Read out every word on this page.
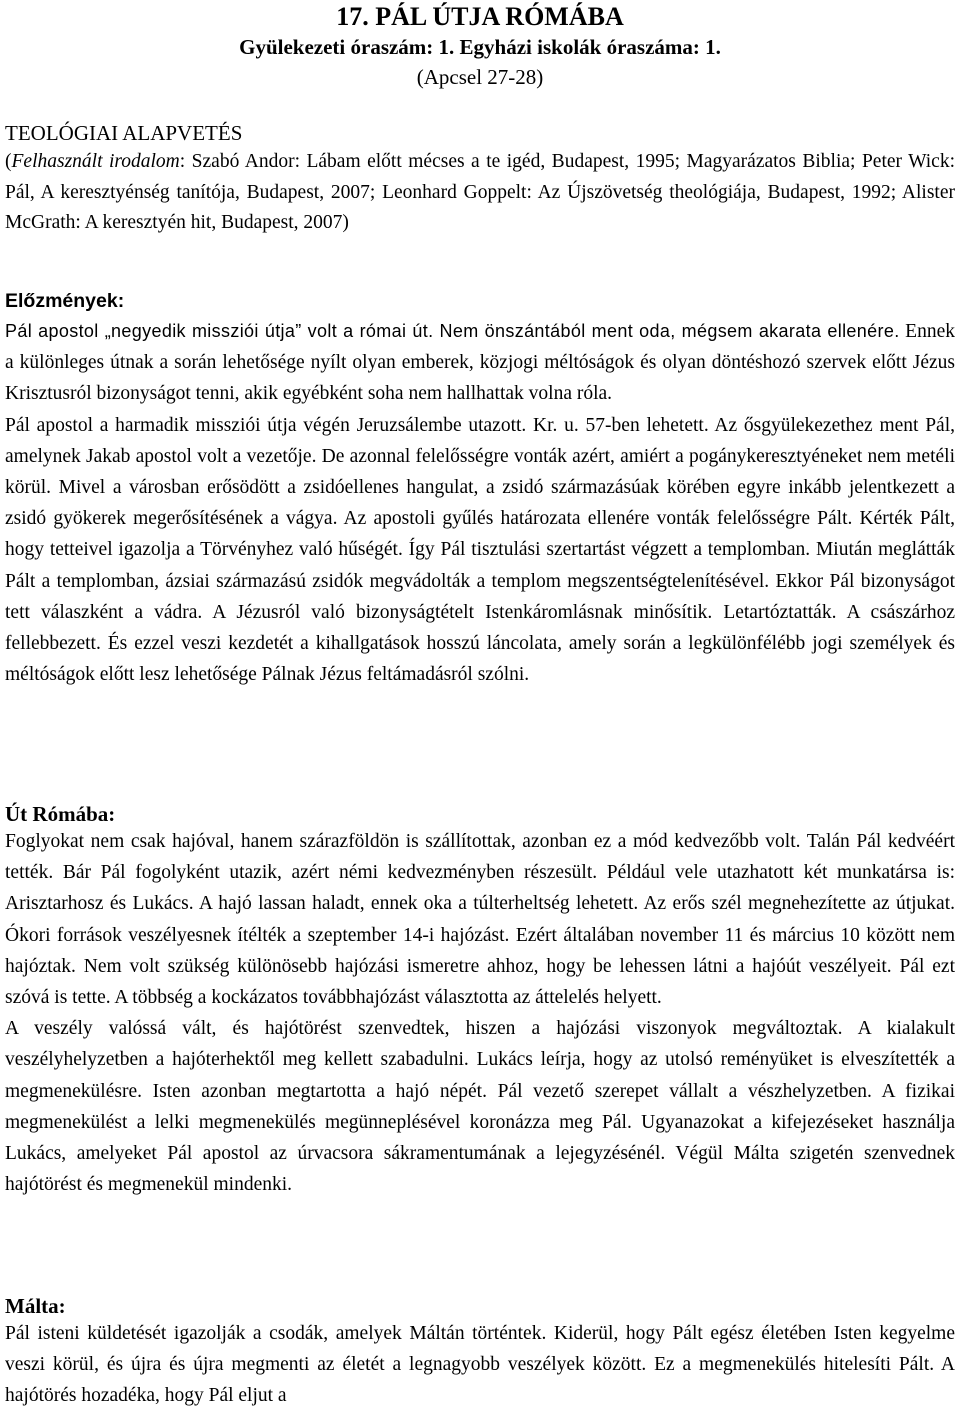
17. PÁL ÚTJA RÓMÁBA
Gyülekezeti óraszám: 1. Egyházi iskolák óraszáma: 1.
(Apcsel 27-28)
TEOLÓGIAI ALAPVETÉS
(Felhasznált irodalom: Szabó Andor: Lábam előtt mécses a te igéd, Budapest, 1995; Magyarázatos Biblia; Peter Wick: Pál, A keresztyénség tanítója, Budapest, 2007; Leonhard Goppelt: Az Újszövetség theológiája, Budapest, 1992; Alister McGrath: A keresztyén hit, Budapest, 2007)
Előzmények:

Pál apostol „negyedik missziói útja” volt a római út. Nem önszántából ment oda, mégsem akarata ellenére. Ennek a különleges útnak a során lehetősége nyílt olyan emberek, közjogi méltóságok és olyan döntéshozó szervek előtt Jézus Krisztusról bizonyságot tenni, akik egyébként soha nem hallhattak volna róla.

Pál apostol a harmadik missziói útja végén Jeruzsálembe utazott. Kr. u. 57-ben lehetett. Az ősgyülekezethez ment Pál, amelynek Jakab apostol volt a vezetője. De azonnal felelősségre vonták azért, amiért a pogánykeresztyéneket nem metéli körül. Mivel a városban erősödött a zsidóellenes hangulat, a zsidó származásúak körében egyre inkább jelentkezett a zsidó gyökerek megerősítésének a vágya. Az apostoli gyűlés határozata ellenére vonták felelősségre Pált. Kérték Pált, hogy tetteivel igazolja a Törvényhez való hűségét. Így Pál tisztulási szertartást végzett a templomban. Miután meglátták Pált a templomban, ázsiai származású zsidók megvádolták a templom megszentségtelenítésével. Ekkor Pál bizonyságot tett válaszként a vádra. A Jézusról való bizonyságtételt Istenkáromlásnak minősítik. Letartóztatták. A császárhoz fellebbezett. És ezzel veszi kezdetét a kihallgatások hosszú láncolata, amely során a legkülönfélébb jogi személyek és méltóságok előtt lesz lehetősége Pálnak Jézus feltámadásról szólni.

Út Rómába:

Foglyokat nem csak hajóval, hanem szárazföldön is szállítottak, azonban ez a mód kedvezőbb volt. Talán Pál kedvéért tették. Bár Pál fogolyként utazik, azért némi kedvezményben részesült. Például vele utazhatott két munkatársa is: Arisztarhosz és Lukács. A hajó lassan haladt, ennek oka a túlterheltség lehetett. Az erős szél megnehezítette az útjukat. Ókori források veszélyesnek ítélték a szeptember 14-i hajózást. Ezért általában november 11 és március 10 között nem hajóztak. Nem volt szükség különösebb hajózási ismeretre ahhoz, hogy be lehessen látni a hajóút veszélyeit. Pál ezt szóvá is tette. A többség a kockázatos továbbhajózást választotta az áttelelés helyett.

A veszély valóssá vált, és hajótörést szenvedtek, hiszen a hajózási viszonyok megváltoztak. A kialakult veszélyhelyzetben a hajóterhektől meg kellett szabadulni. Lukács leírja, hogy az utolsó reményüket is elveszítették a megmenekülésre. Isten azonban megtartotta a hajó népét. Pál vezető szerepet vállalt a vészhelyzetben. A fizikai megmenekülést a lelki megmenekülés megünneplésével koronázza meg Pál. Ugyanazokat a kifejezéseket használja Lukács, amelyeket Pál apostol az úrvacsora sákramentumának a lejegyzésénél. Végül Málta szigetén szenvednek hajótörést és megmenekül mindenki.

Málta:

Pál isteni küldetését igazolják a csodák, amelyek Máltán történtek. Kiderül, hogy Pált egész életében Isten kegyelme veszi körül, és újra és újra megmenti az életét a legnagyobb veszélyek között. Ez a megmenekülés hitelesíti Pált. A hajótörés hozadéka, hogy Pál eljut a
